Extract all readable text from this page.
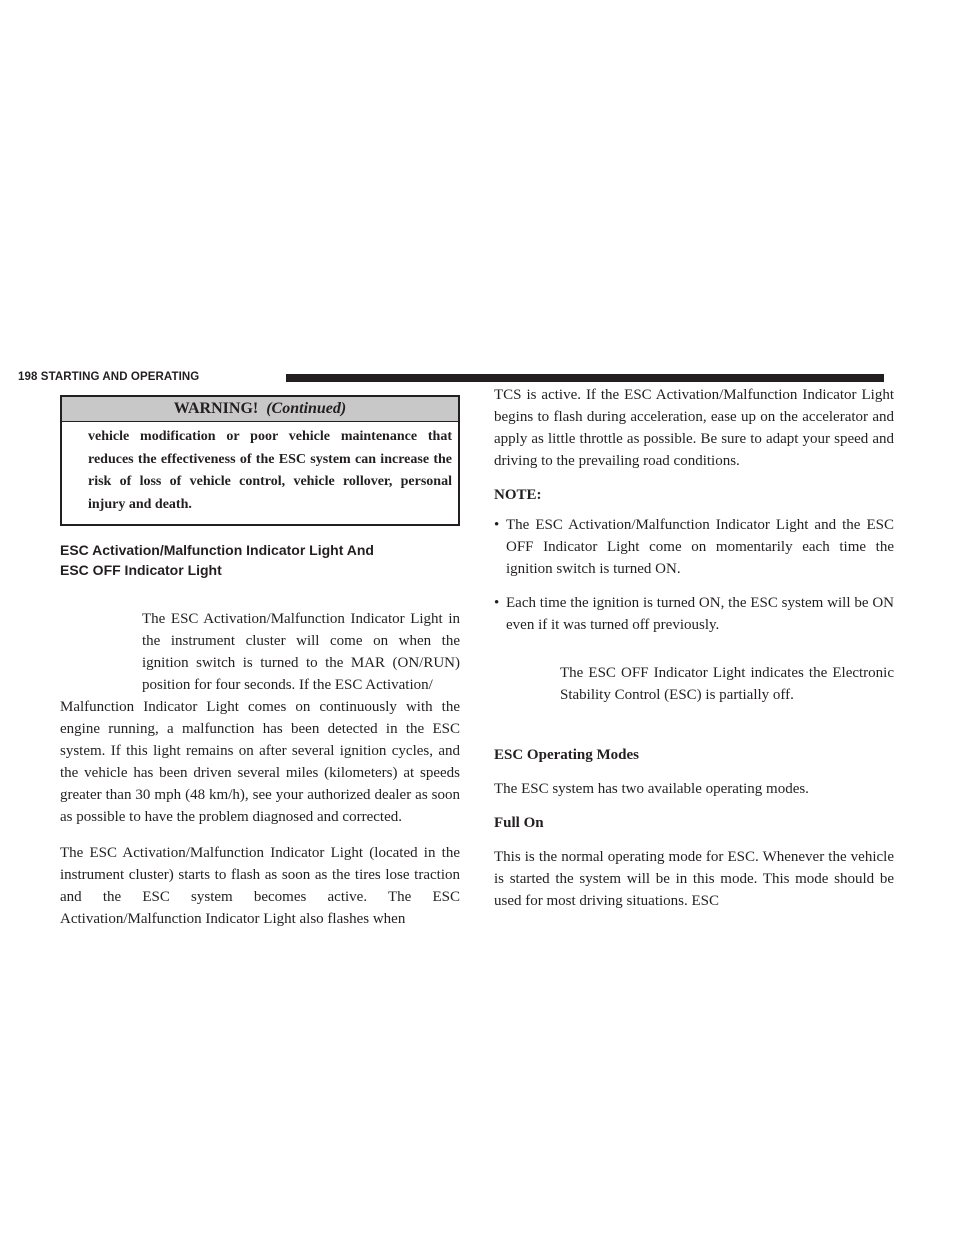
198 STARTING AND OPERATING
WARNING! (Continued)
vehicle modification or poor vehicle maintenance that reduces the effectiveness of the ESC system can increase the risk of loss of vehicle control, vehicle rollover, personal injury and death.
ESC Activation/Malfunction Indicator Light And
ESC OFF Indicator Light

The ESC Activation/Malfunction Indicator Light in the instrument cluster will come on when the ignition switch is turned to the MAR (ON/RUN) position for four seconds. If the ESC Activation/

Malfunction Indicator Light comes on continuously with the engine running, a malfunction has been detected in the ESC system. If this light remains on after several ignition cycles, and the vehicle has been driven several miles (kilometers) at speeds greater than 30 mph (48 km/h), see your authorized dealer as soon as possible to have the problem diagnosed and corrected.

The ESC Activation/Malfunction Indicator Light (located in the instrument cluster) starts to flash as soon as the tires lose traction and the ESC system becomes active. The ESC Activation/Malfunction Indicator Light also flashes when

TCS is active. If the ESC Activation/Malfunction Indicator Light begins to flash during acceleration, ease up on the accelerator and apply as little throttle as possible. Be sure to adapt your speed and driving to the prevailing road conditions.

NOTE:
• The ESC Activation/Malfunction Indicator Light and the ESC OFF Indicator Light come on momentarily each time the ignition switch is turned ON.
• Each time the ignition is turned ON, the ESC system will be ON even if it was turned off previously.

The ESC OFF Indicator Light indicates the Electronic Stability Control (ESC) is partially off.

ESC Operating Modes

The ESC system has two available operating modes.

Full On

This is the normal operating mode for ESC. Whenever the vehicle is started the system will be in this mode. This mode should be used for most driving situations. ESC
